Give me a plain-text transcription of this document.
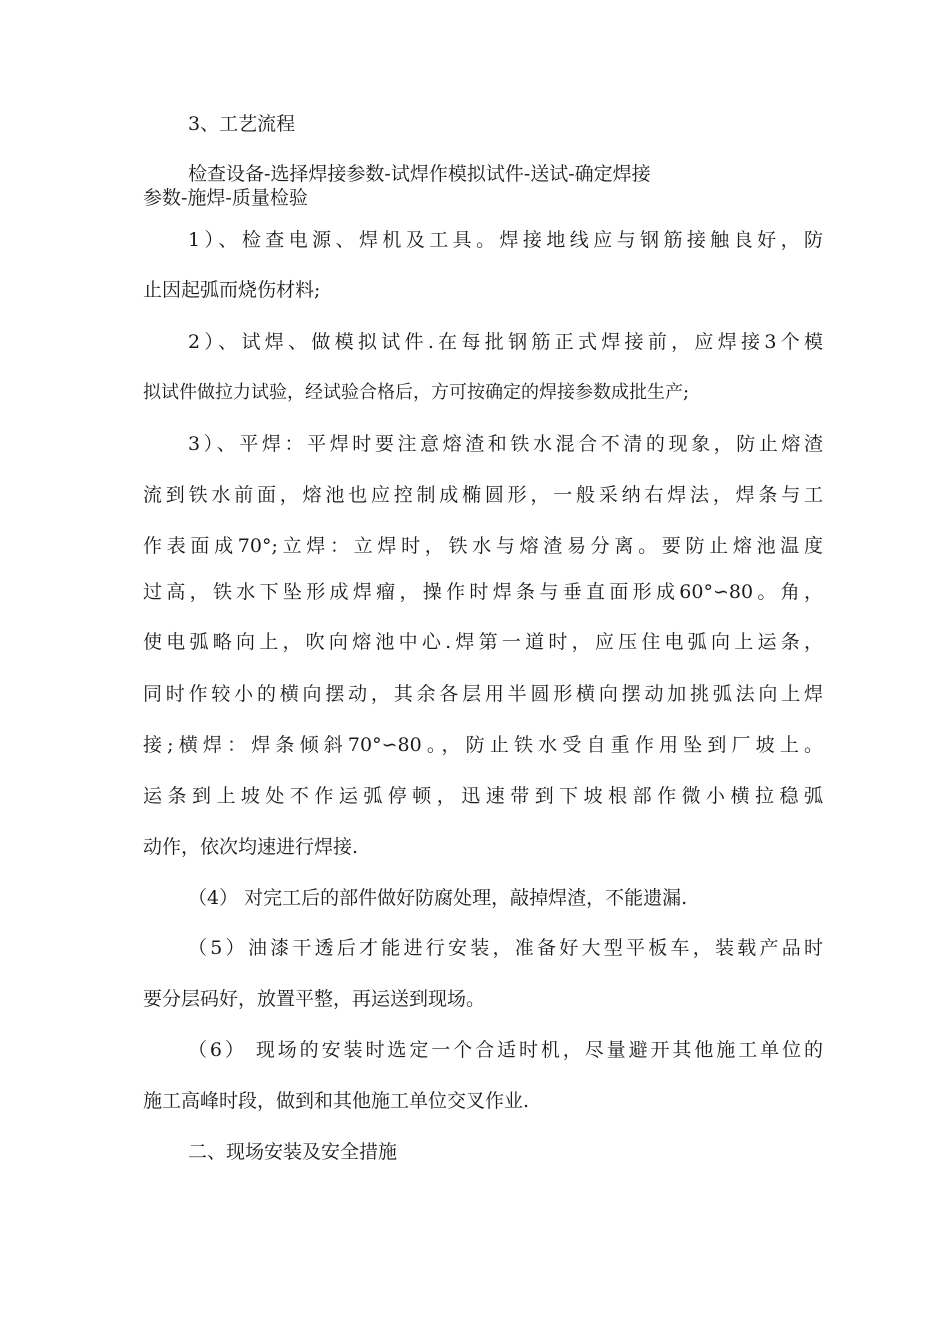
3、工艺流程
检查设备-选择焊接参数-试焊作模拟试件-送试-确定焊接
参数-施焊-质量检验
1）、检查电源、焊机及工具。焊接地线应与钢筋接触良好，防
止因起弧而烧伤材料;
2）、试焊、做模拟试件.在每批钢筋正式焊接前，应焊接3个模
拟试件做拉力试验，经试验合格后，方可按确定的焊接参数成批生产;
3）、平焊：平焊时要注意熔渣和铁水混合不清的现象，防止熔渣
流到铁水前面，熔池也应控制成椭圆形，一般采纳右焊法，焊条与工
作表面成70°;立焊：立焊时，铁水与熔渣易分离。要防止熔池温度
过高，铁水下坠形成焊瘤，操作时焊条与垂直面形成60°∽80。角，
使电弧略向上，吹向熔池中心.焊第一道时，应压住电弧向上运条，
同时作较小的横向摆动，其余各层用半圆形横向摆动加挑弧法向上焊
接;横焊：焊条倾斜70°∽80。，防止铁水受自重作用坠到厂坡上。
运条到上坡处不作运弧停顿，迅速带到下坡根部作微小横拉稳弧
动作，依次均速进行焊接.
（4） 对完工后的部件做好防腐处理，敲掉焊渣，不能遗漏.
（5）油漆干透后才能进行安装，准备好大型平板车，装载产品时
要分层码好，放置平整，再运送到现场。
（6） 现场的安装时选定一个合适时机，尽量避开其他施工单位的
施工高峰时段，做到和其他施工单位交叉作业.
二、现场安装及安全措施
